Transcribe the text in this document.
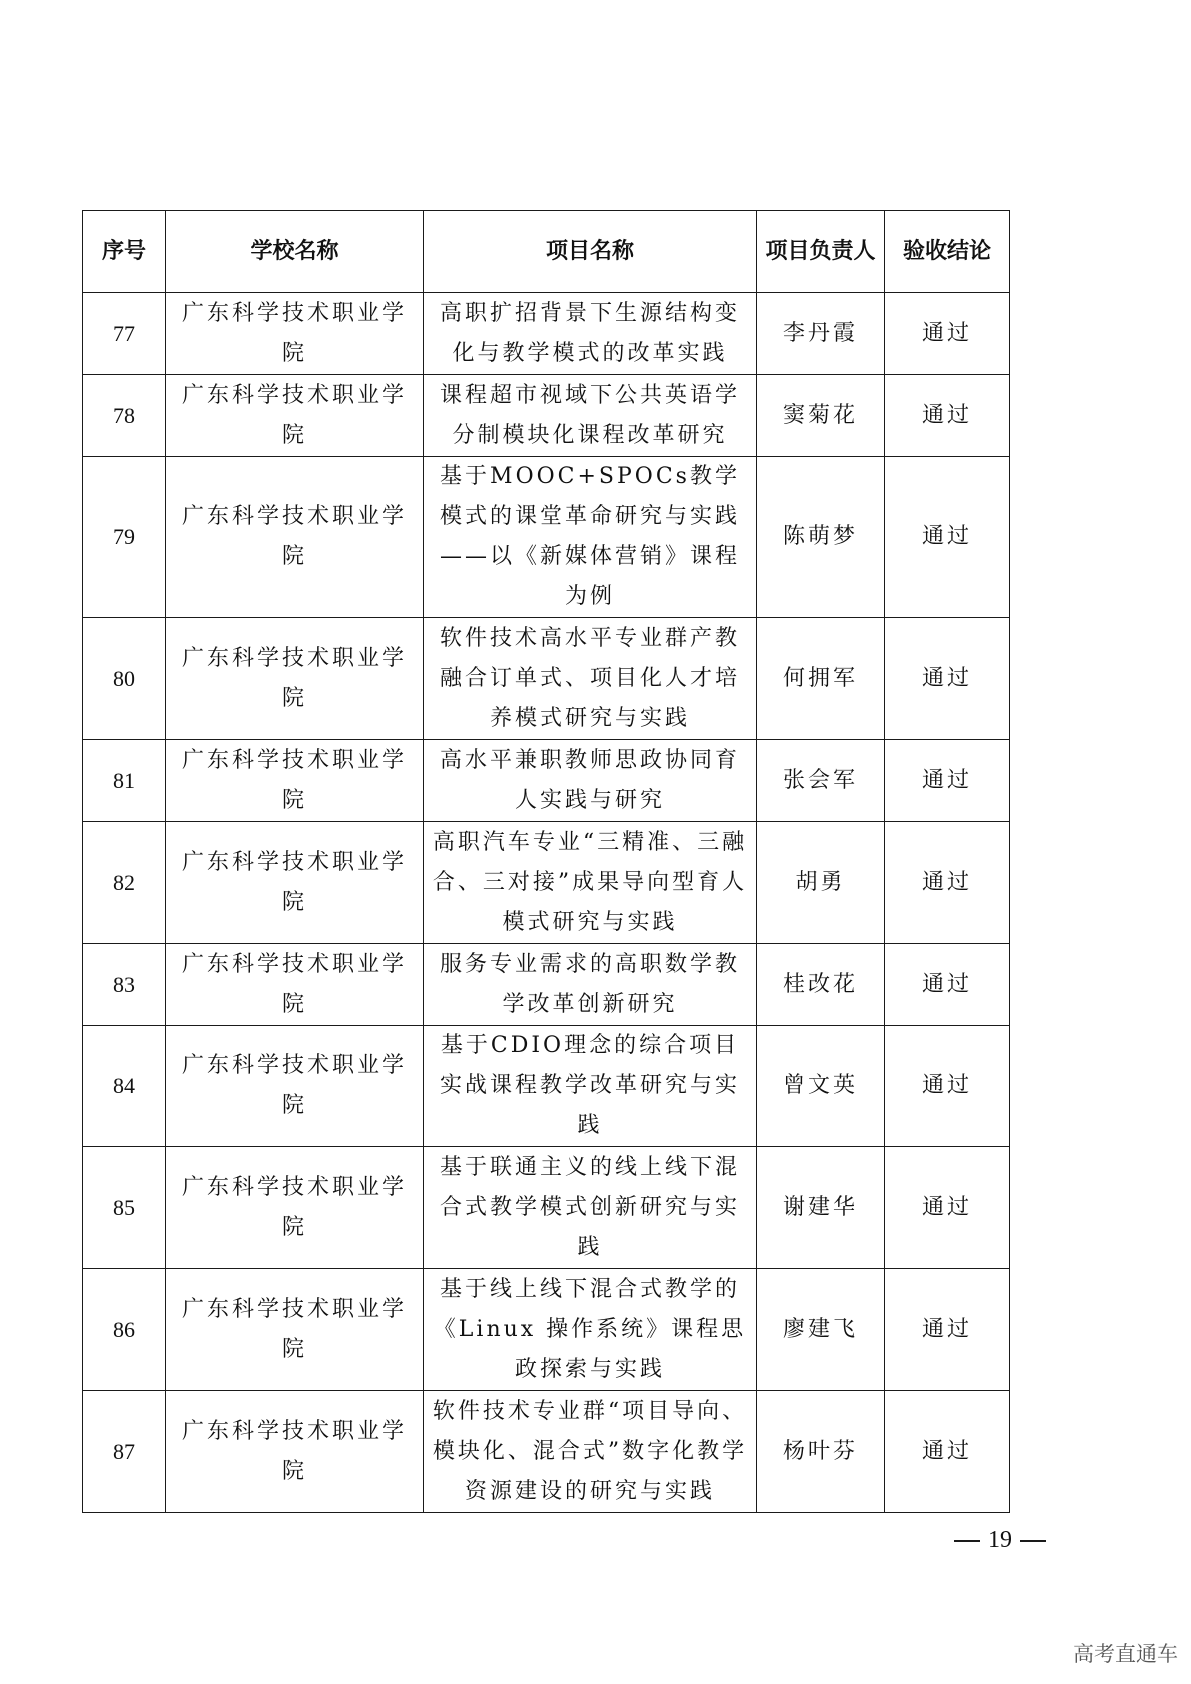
序号	学校名称	项目名称	项目负责人	验收结论
77	广东科学技术职业学院	高职扩招背景下生源结构变化与教学模式的改革实践	李丹霞	通过
78	广东科学技术职业学院	课程超市视域下公共英语学分制模块化课程改革研究	窦菊花	通过
79	广东科学技术职业学院	基于MOOC+SPOCs教学模式的课堂革命研究与实践——以《新媒体营销》课程为例	陈萌梦	通过
80	广东科学技术职业学院	软件技术高水平专业群产教融合订单式、项目化人才培养模式研究与实践	何拥军	通过
81	广东科学技术职业学院	高水平兼职教师思政协同育人实践与研究	张会军	通过
82	广东科学技术职业学院	高职汽车专业“三精准、三融合、三对接”成果导向型育人模式研究与实践	胡勇	通过
83	广东科学技术职业学院	服务专业需求的高职数学教学改革创新研究	桂改花	通过
84	广东科学技术职业学院	基于CDIO理念的综合项目实战课程教学改革研究与实践	曾文英	通过
85	广东科学技术职业学院	基于联通主义的线上线下混合式教学模式创新研究与实践	谢建华	通过
86	广东科学技术职业学院	基于线上线下混合式教学的《Linux 操作系统》课程思政探索与实践	廖建飞	通过
87	广东科学技术职业学院	软件技术专业群“项目导向、模块化、混合式”数字化教学资源建设的研究与实践	杨叶芬	通过
19
高考直通车
